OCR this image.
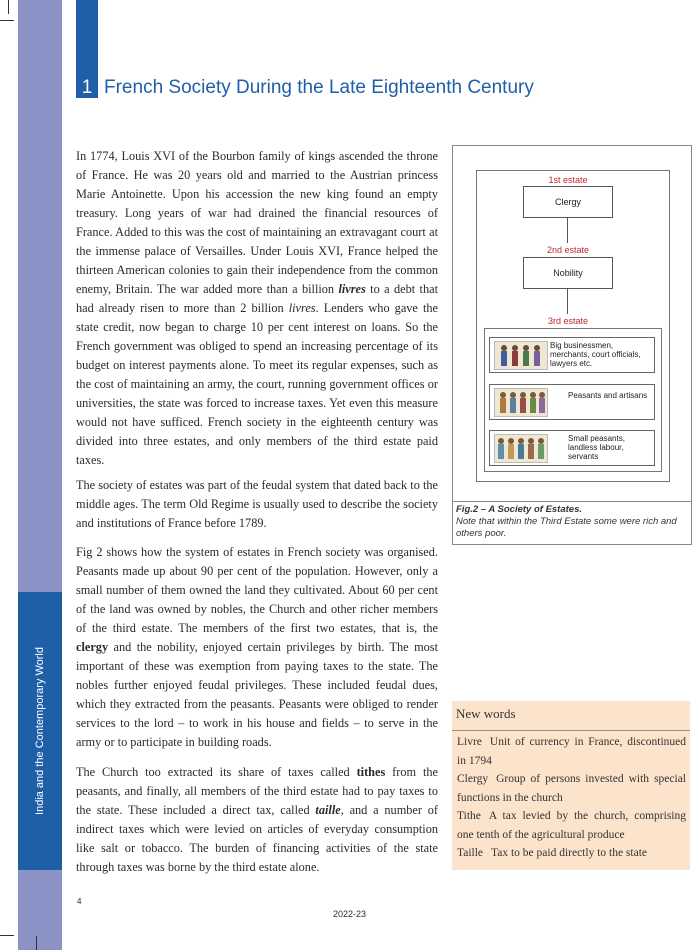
India and the Contemporary World
1 French Society During the Late Eighteenth Century

In 1774, Louis XVI of the Bourbon family of kings ascended the throne of France. He was 20 years old and married to the Austrian princess Marie Antoinette. Upon his accession the new king found an empty treasury. Long years of war had drained the financial resources of France. Added to this was the cost of maintaining an extravagant court at the immense palace of Versailles. Under Louis XVI, France helped the thirteen American colonies to gain their independence from the common enemy, Britain. The war added more than a billion livres to a debt that had already risen to more than 2 billion livres. Lenders who gave the state credit, now began to charge 10 per cent interest on loans. So the French government was obliged to spend an increasing percentage of its budget on interest payments alone. To meet its regular expenses, such as the cost of maintaining an army, the court, running government offices or universities, the state was forced to increase taxes. Yet even this measure would not have sufficed. French society in the eighteenth century was divided into three estates, and only members of the third estate paid taxes.

The society of estates was part of the feudal system that dated back to the middle ages. The term Old Regime is usually used to describe the society and institutions of France before 1789.

Fig 2 shows how the system of estates in French society was organised. Peasants made up about 90 per cent of the population. However, only a small number of them owned the land they cultivated. About 60 per cent of the land was owned by nobles, the Church and other richer members of the third estate. The members of the first two estates, that is, the clergy and the nobility, enjoyed certain privileges by birth. The most important of these was exemption from paying taxes to the state. The nobles further enjoyed feudal privileges. These included feudal dues, which they extracted from the peasants. Peasants were obliged to render services to the lord – to work in his house and fields – to serve in the army or to participate in building roads.

The Church too extracted its share of taxes called tithes from the peasants, and finally, all members of the third estate had to pay taxes to the state. These included a direct tax, called taille, and a number of indirect taxes which were levied on articles of everyday consumption like salt or tobacco. The burden of financing activities of the state through taxes was borne by the third estate alone.

1st estate
Clergy
2nd estate
Nobility
3rd estate
Big businessmen, merchants, court officials, lawyers etc.
Peasants and artisans
Small peasants, landless labour, servants
Fig.2 – A Society of Estates.
Note that within the Third Estate some were rich and others poor.
New words

Livre Unit of currency in France, discontinued in 1794

Clergy Group of persons invested with special functions in the church

Tithe A tax levied by the church, comprising one tenth of the agricultural produce

Taille Tax to be paid directly to the state

4
2022-23
